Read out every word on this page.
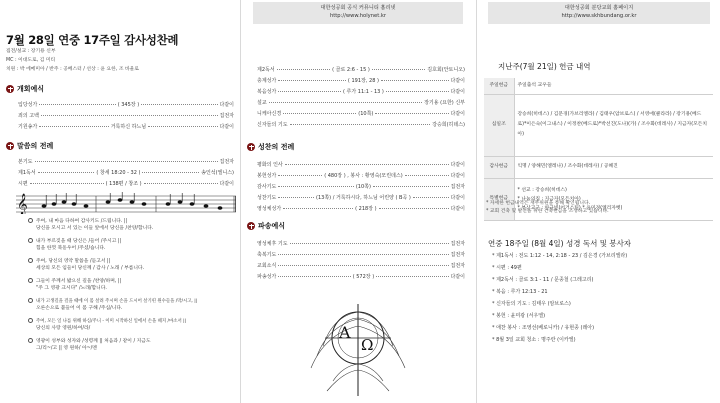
7월 28일 연중 17주일 감사성찬례
집전/설교 : 장기용 신부
MC : 이대도로, 김 미티
치원 : 박 에메미아 / 반주 : 공베스터 / 선상 : 윤 요한, 조 바울로
개회예식
입당성가	( 345장 )	다같이
죄의 고백	집전자
기원송가	거룩하신 하느님	다같이
말씀의 전례
본기도	집전자
제1독서	( 창세 18:20 - 32 )	송인석(엘니스)
시편	( 138편 / 창조 )	다같이
𝄞
주여, 내 마음 다하여 감사키도 /드립니다. ||
당신을 모시고 서 있는 이들 앞에서 당신을 /찬양/합니다.
내가 부르짖을 때 당신은 /들어 /주시고 ||
힘을 한껏 북돋우어 /주셨/습니다.
주여, 당신의 영약 말씀을 /듣고서 ||
세상의 모든 임들이 당신께 / 감사 / 노래 / 부릅니다.
그들이 주께서 밟으신 길을 /찬양/하며, ||
"주 그 영광 크시다" /노래/합니다.
내가 고생길을 걸을 때에 이 몸 살려 주시며 손을 드시어 살기띤 원수들을 /막/시고, ||
오른손으로 불들어 이 몸 구해 /주십/니다.
주여, 모든 일 나를 위해 하심/주니 - 이미 시작하신 일에서 손을 떼지 /마소서 ||
당신의 사랑 영원/하여/라/
영광이 성부와 성자와 /성령께 || 처음과 / 같이 / 지금도
그/리~/고 || 영 원하/ 아~/멘
대한성공회 공식 커뮤니티 홈리넷
http://www.holynet.kr
제2독서	( 골로 2:6 - 15 )	김호회(안토니오)
층계성가	( 191장, 28 )	다같이
복음성가	( 루가 11:1 - 13 )	다같이
설교	장기용 (요한) 신부
니케아신경	(10쪽)	다같이
신자들의 기도	강승희(히데스)
성찬의 전례
평화의 인사	다같이
봉헌성가	( 480장 ) , 봉사 : 황영숙(모린데스)	다같이
감사기도	(10쪽)	집전자
성찬기도	(13쪽) / 거룩하시다, 하느님 어린양 ( B곡 )	다같이
영성체성가	( 218장 )	다같이
파송예식
영성체후 기도	집전자
축복기도	집전자
교회소식	집전자
파송성가	( 572장 )	다같이
A
Ω
대한성공회 분당교회 홈페이지
http://www.skhbundang.or.kr
지난주(7월 21일) 헌금 내역
주일헌금	주일출석 교우들
십일조	강승희(히데스) / 김문경(가브리엘라) / 김태우(암브로스) / 서영애(클라라) / 장기용(베드로)*이은숙(이그내스) / 이정찬(베드로)*박선진(도나)(가) / 조수화(데레사) / 지금자(모든치아)
감사헌금	익명 / 양해민(엘레나) / 조수화(데레사) / 공혜진
특별헌금	* 선교 : 강승희(히데스)
* 나눔의집 : 지금자(모든치아)
* 부산교구 : 한규빈(어거스틴) * 윤미경(엘리자벳)
* 자세한 헌금내역은 재무위원을 통해 확인됩니다.
* 교회 건축 및 발전을 위한 건축헌금을 조성하고 있습니다.
연중 18주일 (8월 4일) 성경 독서 및 봉사자
* 제1독서 : 전도 1:12 - 14, 2:18 - 23 / 김은경 (가브리엘라)
* 시편 : 49편
* 제2독서 : 골로 3:1 - 11 / 문종철 (그레고리)
* 복음 : 루가 12:13 - 21
* 신자들의 기도 : 김태우 (암브로스)
* 봉헌 : 윤미광 (서우엘)
* 애찬 봉사 : 조영선(베로니카) / 유현종 (레아)
* 8월 3일 교회 청소 : 명주란 (이카엘)
